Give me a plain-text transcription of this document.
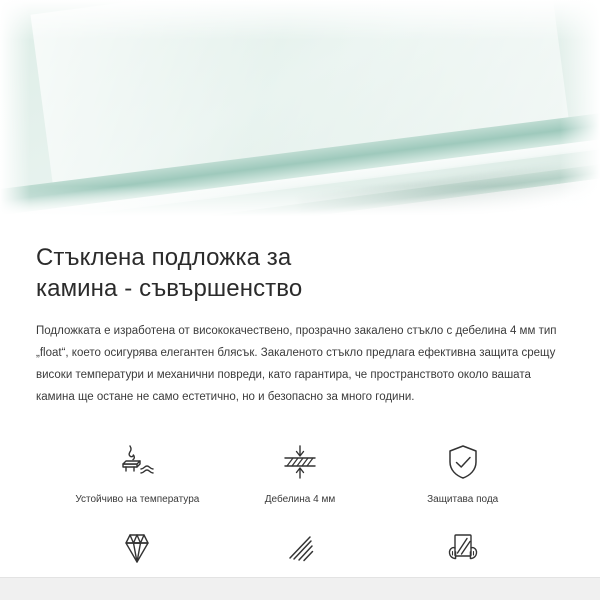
Стъклена подложка за
камина - съвършенство

Подложката е изработена от висококачествено, прозрачно закалено стъкло с дебелина 4 мм тип „float“, което осигурява елегантен блясък. Закаленото стъкло предлага ефективна защита срещу високи температури и механични повреди, като гарантира, че пространството около вашата камина ще остане не само естетично, но и безопасно за много години.

Устойчиво на температура	Дебелина 4 мм	Защитава пода
